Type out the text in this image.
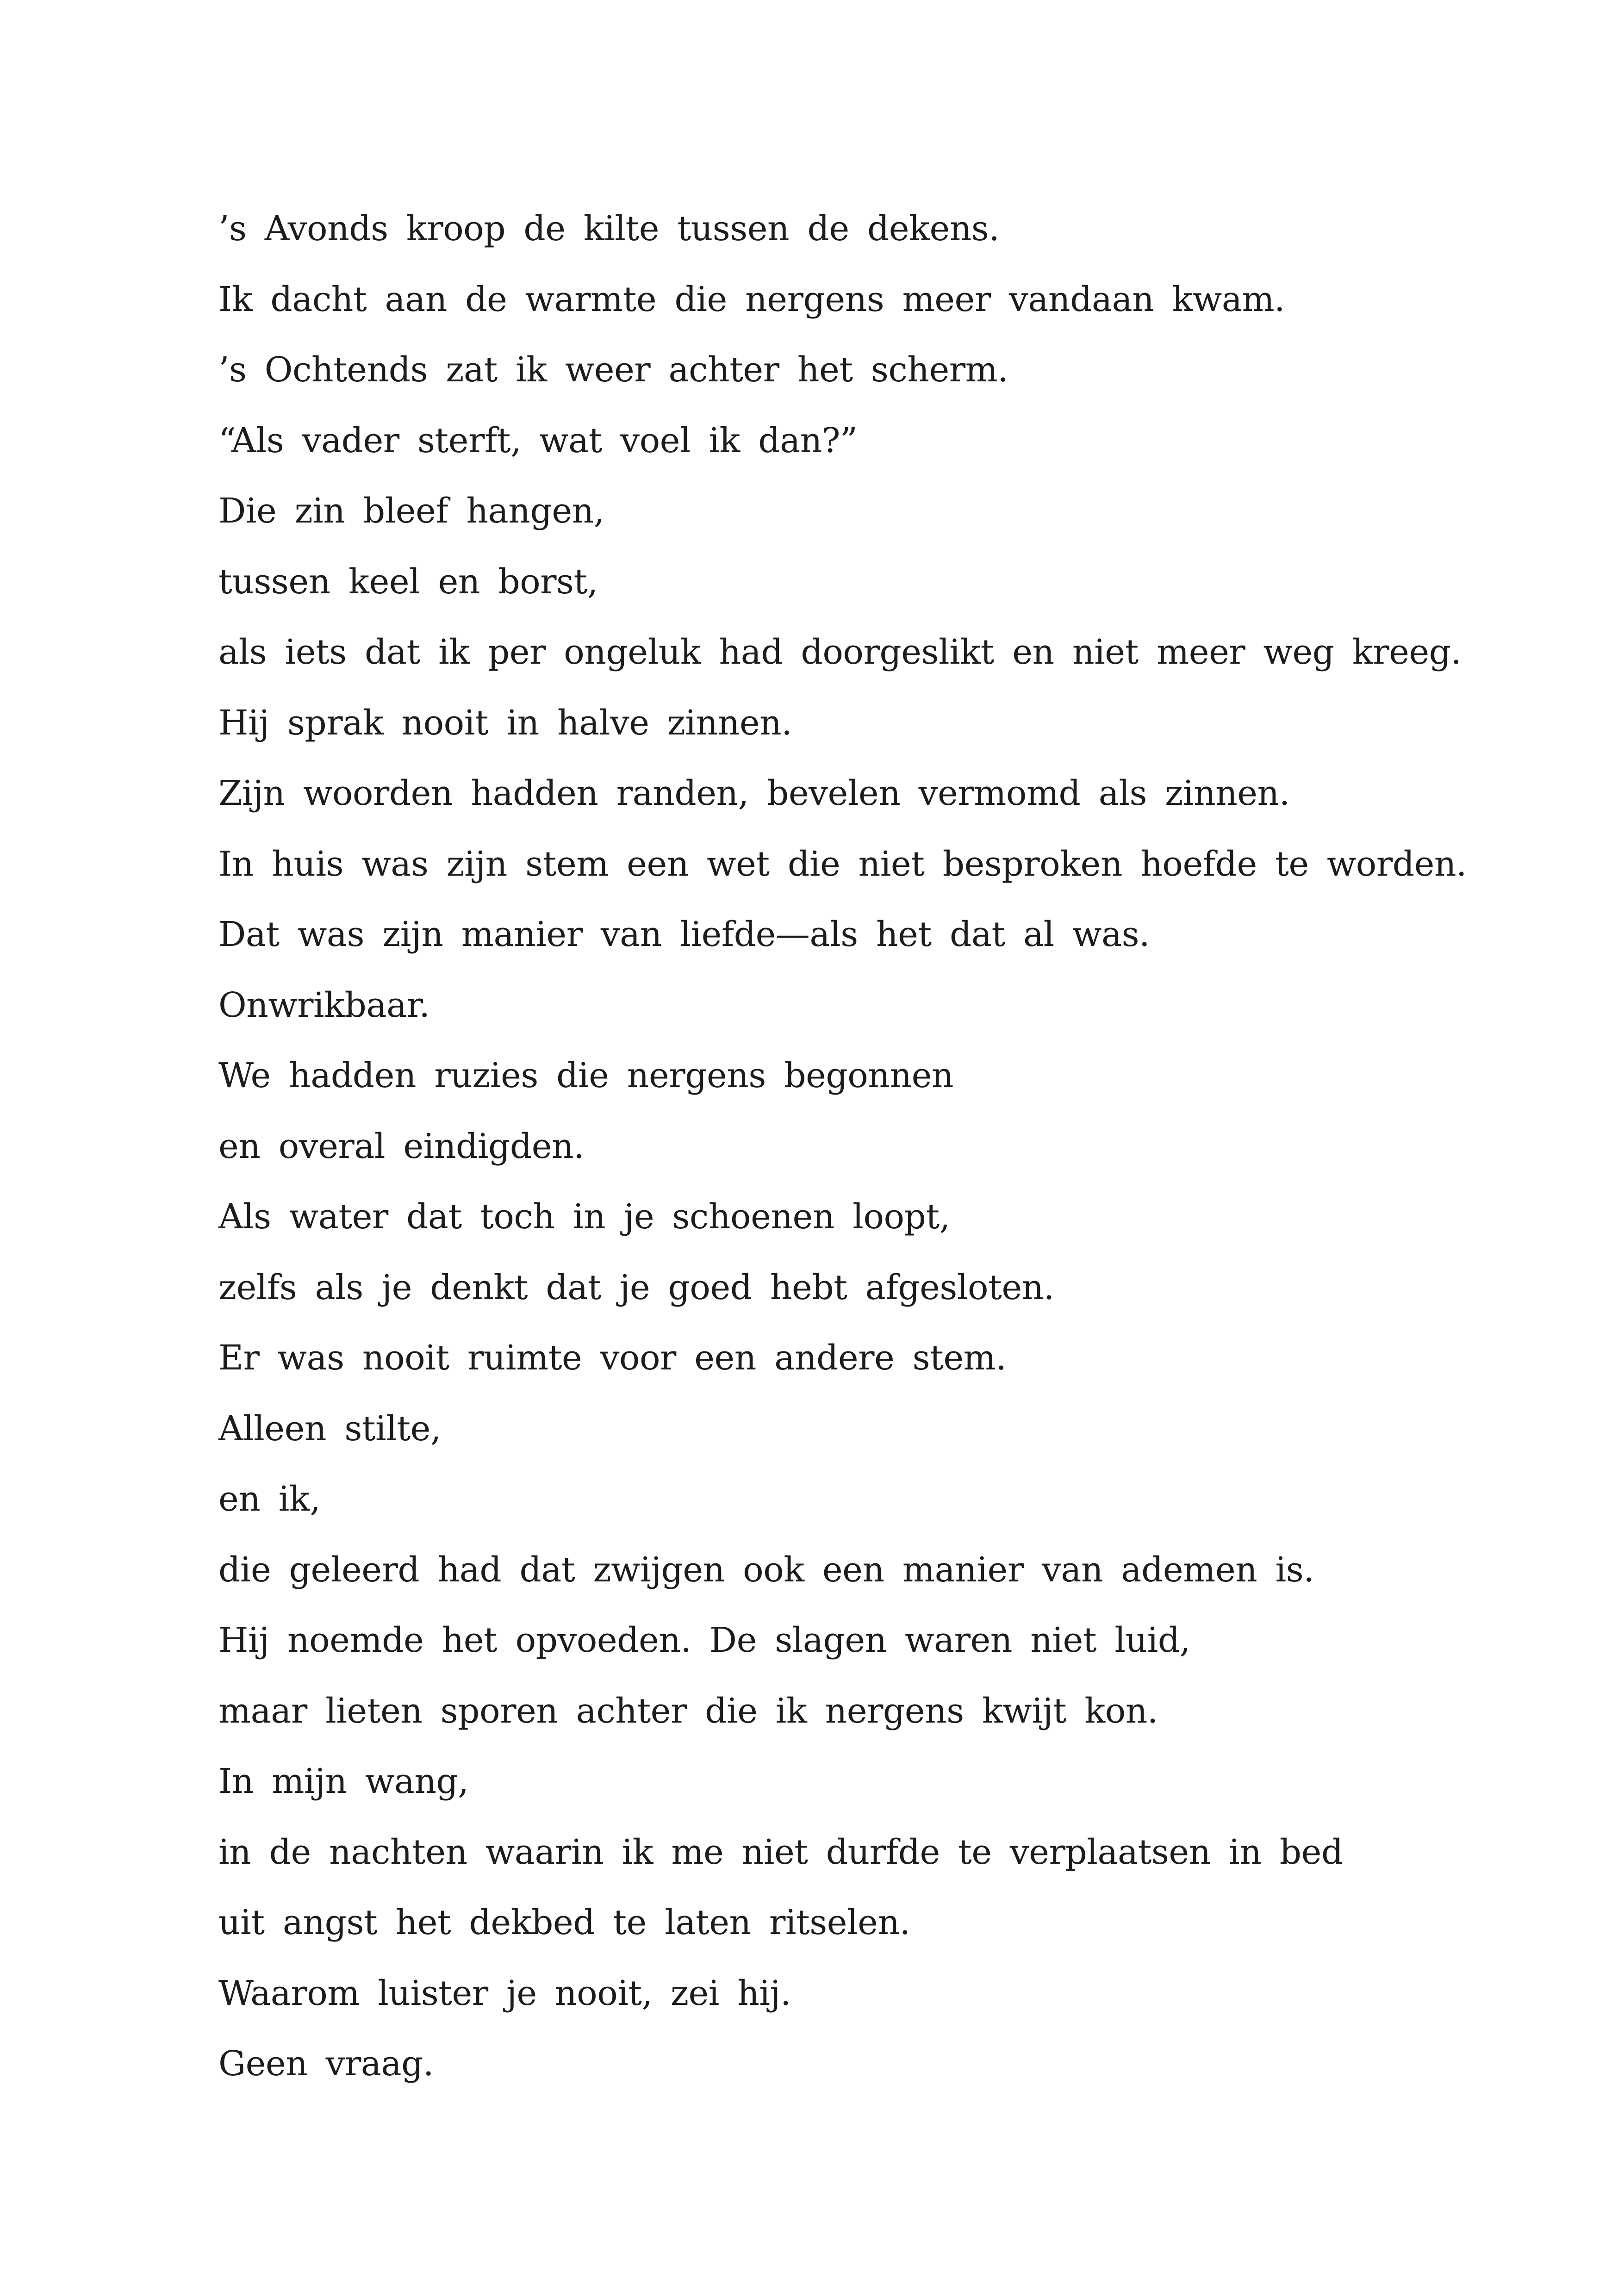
’s Avonds kroop de kilte tussen de dekens.

Ik dacht aan de warmte die nergens meer vandaan kwam.

’s Ochtends zat ik weer achter het scherm.

“Als vader sterft, wat voel ik dan?”

Die zin bleef hangen,

tussen keel en borst,

als iets dat ik per ongeluk had doorgeslikt en niet meer weg kreeg.

Hij sprak nooit in halve zinnen.

Zijn woorden hadden randen, bevelen vermomd als zinnen.

In huis was zijn stem een wet die niet besproken hoefde te worden.

Dat was zijn manier van liefde—als het dat al was.

Onwrikbaar.

We hadden ruzies die nergens begonnen

en overal eindigden.

Als water dat toch in je schoenen loopt,

zelfs als je denkt dat je goed hebt afgesloten.

Er was nooit ruimte voor een andere stem.

Alleen stilte,

en ik,

die geleerd had dat zwijgen ook een manier van ademen is.

Hij noemde het opvoeden. De slagen waren niet luid,

maar lieten sporen achter die ik nergens kwijt kon.

In mijn wang,

in de nachten waarin ik me niet durfde te verplaatsen in bed

uit angst het dekbed te laten ritselen.

Waarom luister je nooit, zei hij.

Geen vraag.
